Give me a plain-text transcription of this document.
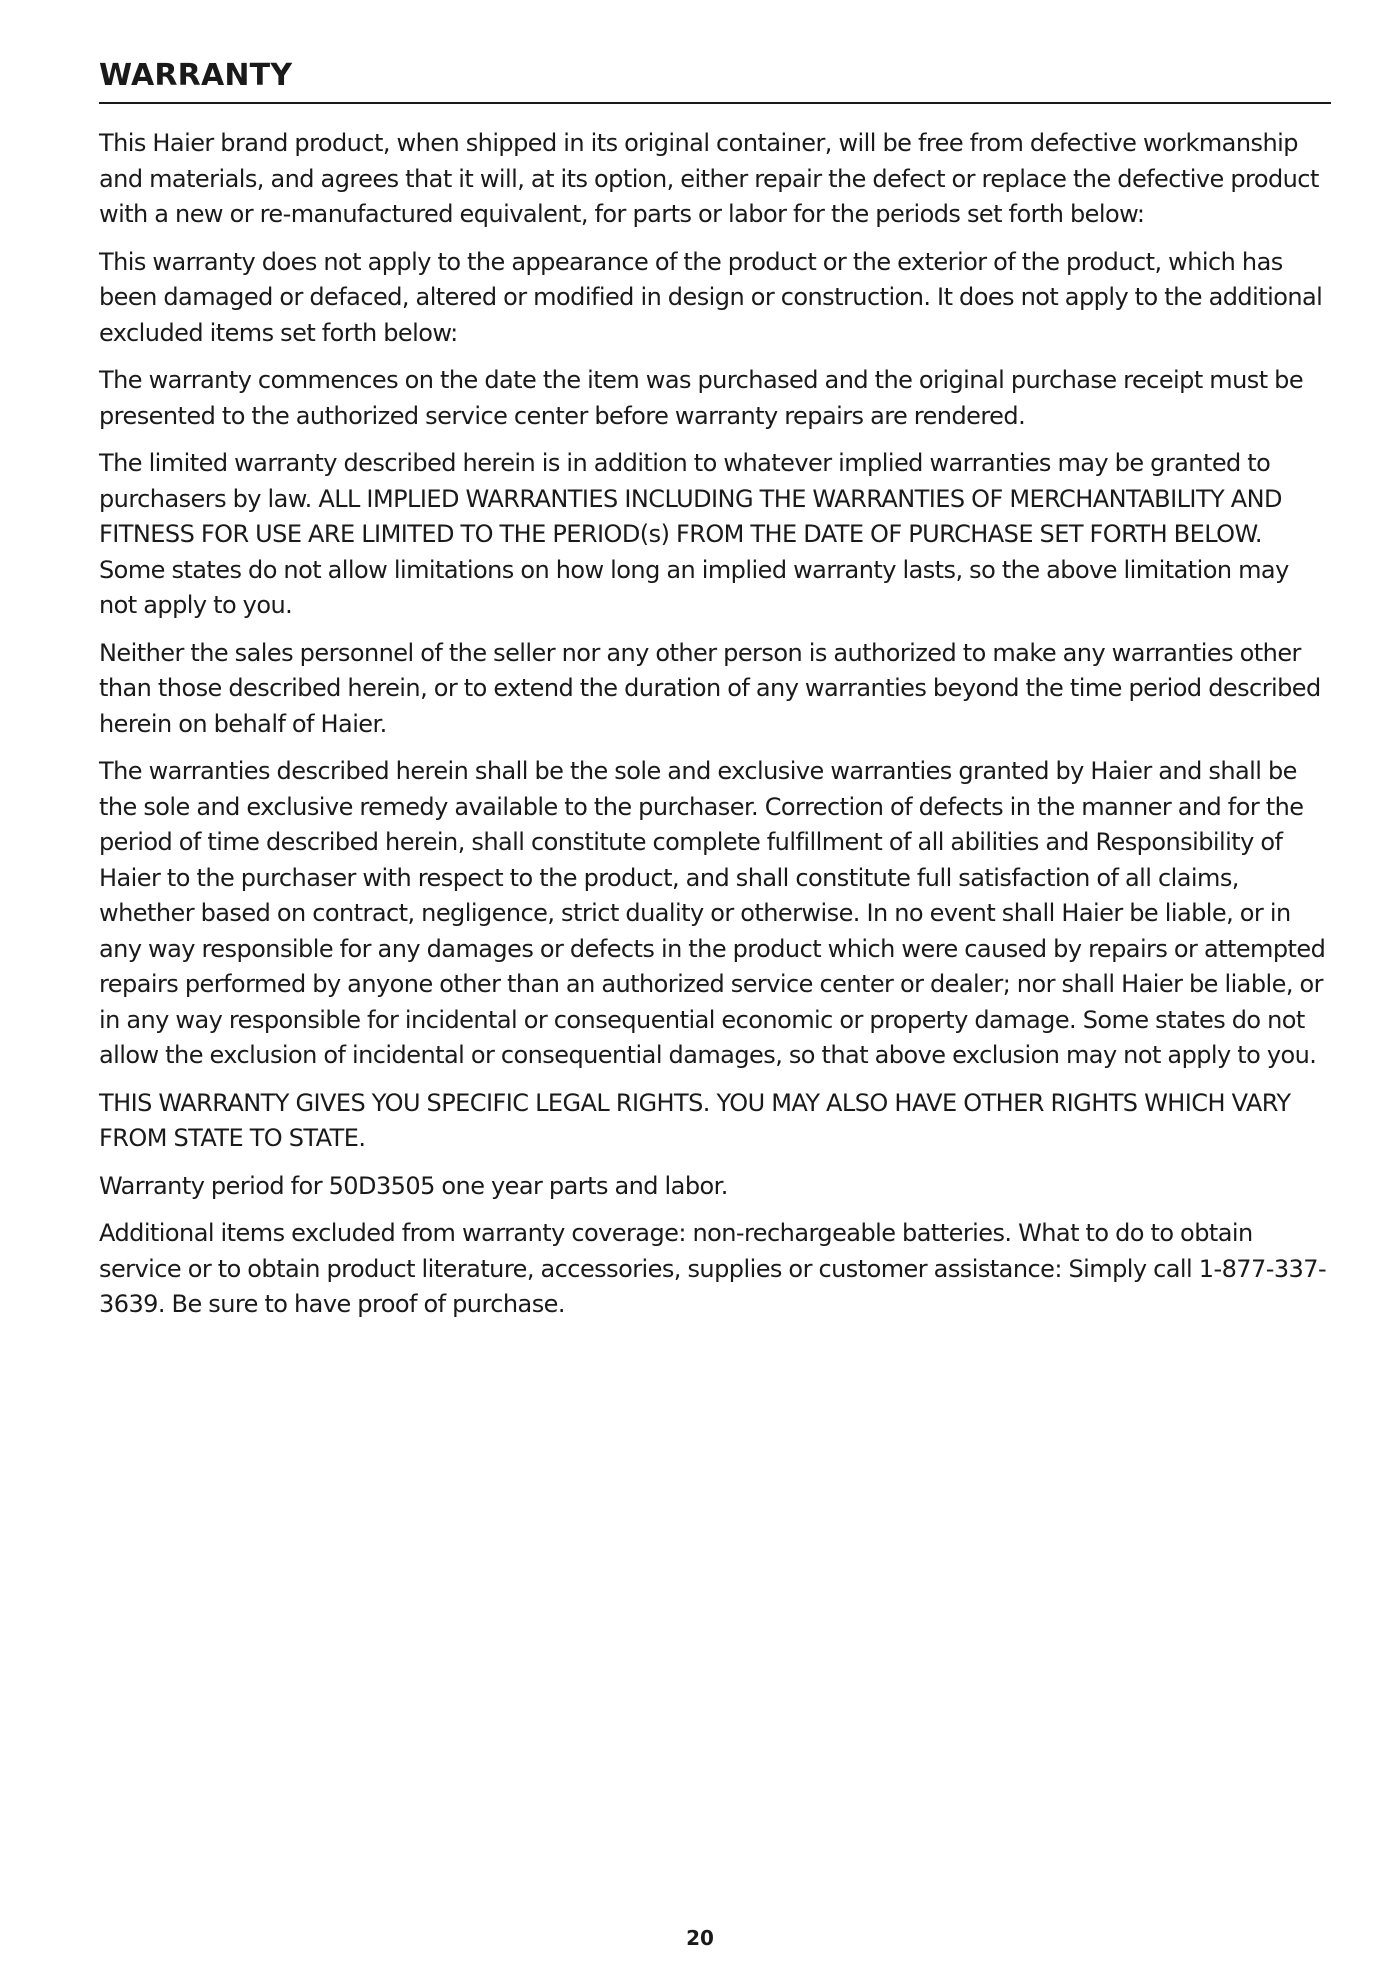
WARRANTY

This Haier brand product, when shipped in its original container, will be free from defective workmanship and materials, and agrees that it will, at its option, either repair the defect or replace the defective product with a new or re-manufactured equivalent, for parts or labor for the periods set forth below:

This warranty does not apply to the appearance of the product or the exterior of the product, which has been damaged or defaced, altered or modified in design or construction. It does not apply to the additional excluded items set forth below:

The warranty commences on the date the item was purchased and the original purchase receipt must be presented to the authorized service center before warranty repairs are rendered.

The limited warranty described herein is in addition to whatever implied warranties may be granted to purchasers by law. ALL IMPLIED WARRANTIES INCLUDING THE WARRANTIES OF MERCHANTABILITY AND FITNESS FOR USE ARE LIMITED TO THE PERIOD(s) FROM THE DATE OF PURCHASE SET FORTH BELOW. Some states do not allow limitations on how long an implied warranty lasts, so the above limitation may not apply to you.

Neither the sales personnel of the seller nor any other person is authorized to make any warranties other than those described herein, or to extend the duration of any warranties beyond the time period described herein on behalf of Haier.

The warranties described herein shall be the sole and exclusive warranties granted by Haier and shall be the sole and exclusive remedy available to the purchaser. Correction of defects in the manner and for the period of time described herein, shall constitute complete fulfillment of all abilities and Responsibility of Haier to the purchaser with respect to the product, and shall constitute full satisfaction of all claims, whether based on contract, negligence, strict duality or otherwise. In no event shall Haier be liable, or in any way responsible for any damages or defects in the product which were caused by repairs or attempted repairs performed by anyone other than an authorized service center or dealer; nor shall Haier be liable, or in any way responsible for incidental or consequential economic or property damage. Some states do not allow the exclusion of incidental or consequential damages, so that above exclusion may not apply to you.

THIS WARRANTY GIVES YOU SPECIFIC LEGAL RIGHTS. YOU MAY ALSO HAVE OTHER RIGHTS WHICH VARY FROM STATE TO STATE.

Warranty period for 50D3505 one year parts and labor.

Additional items excluded from warranty coverage: non-rechargeable batteries. What to do to obtain service or to obtain product literature, accessories, supplies or customer assistance: Simply call 1-877-337-3639. Be sure to have proof of purchase.

20
